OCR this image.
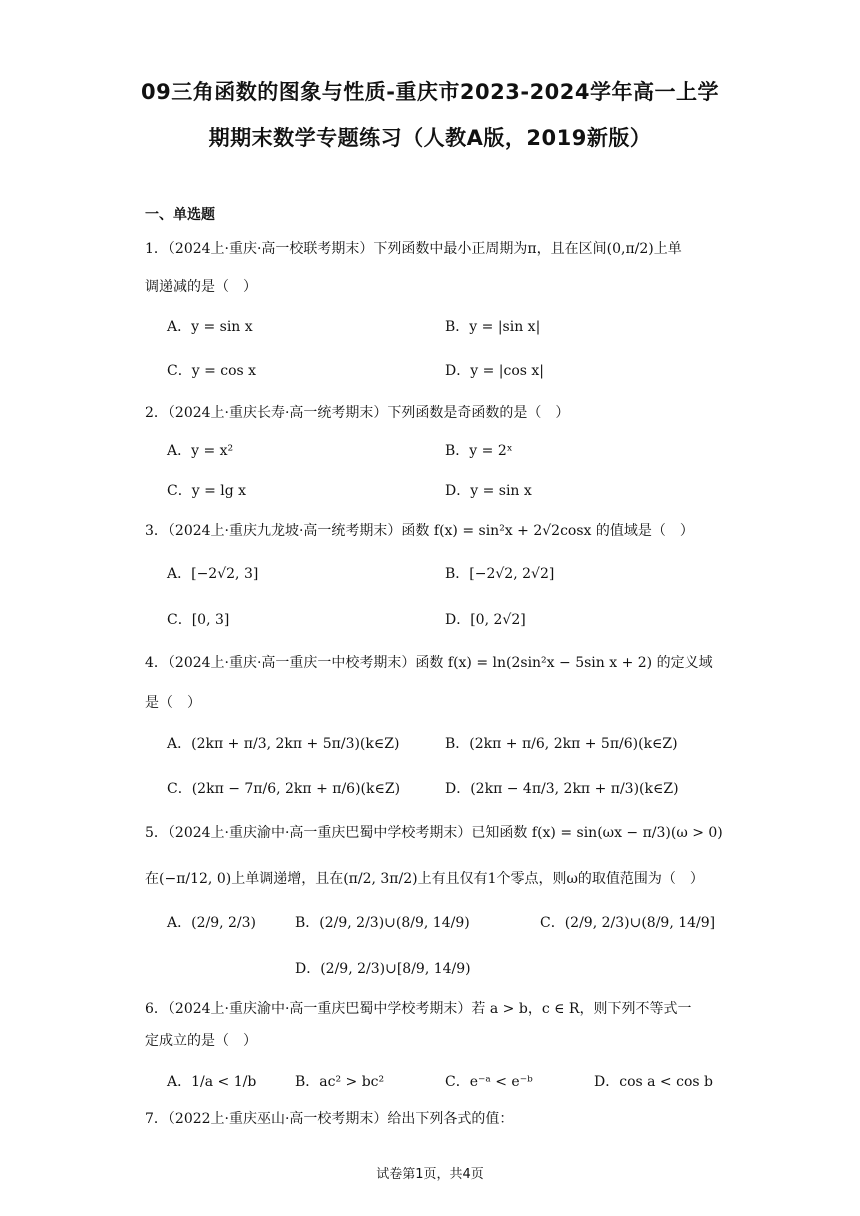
09三角函数的图象与性质-重庆市2023-2024学年高一上学
期期末数学专题练习（人教A版，2019新版）
一、单选题
1．（2024上·重庆·高一校联考期末）下列函数中最小正周期为π，且在区间(0,π/2)上单
调递减的是（　）
A．y = sin x	B．y = |sin x|
C．y = cos x	D．y = |cos x|
2．（2024上·重庆长寿·高一统考期末）下列函数是奇函数的是（　）
A．y = x²	B．y = 2ˣ
C．y = lg x	D．y = sin x
3．（2024上·重庆九龙坡·高一统考期末）函数 f(x) = sin²x + 2√2cosx 的值域是（　）
A．[−2√2, 3]	B．[−2√2, 2√2]
C．[0, 3]	D．[0, 2√2]
4．（2024上·重庆·高一重庆一中校考期末）函数 f(x) = ln(2sin²x − 5sin x + 2) 的定义域
是（　）
A．(2kπ + π/3, 2kπ + 5π/3)(k∈Z)	B．(2kπ + π/6, 2kπ + 5π/6)(k∈Z)
C．(2kπ − 7π/6, 2kπ + π/6)(k∈Z)	D．(2kπ − 4π/3, 2kπ + π/3)(k∈Z)
5．（2024上·重庆渝中·高一重庆巴蜀中学校考期末）已知函数 f(x) = sin(ωx − π/3)(ω > 0)
在(−π/12, 0)上单调递增，且在(π/2, 3π/2)上有且仅有1个零点，则ω的取值范围为（　）
A．(2/9, 2/3)	B．(2/9, 2/3)∪(8/9, 14/9)	C．(2/9, 2/3)∪(8/9, 14/9]
D．(2/9, 2/3)∪[8/9, 14/9)
6．（2024上·重庆渝中·高一重庆巴蜀中学校考期末）若 a > b，c ∈ R，则下列不等式一
定成立的是（　）
A．1/a < 1/b	B．ac² > bc²	C．e⁻ᵃ < e⁻ᵇ	D．cos a < cos b
7．（2022上·重庆巫山·高一校考期末）给出下列各式的值：
试卷第1页，共4页
